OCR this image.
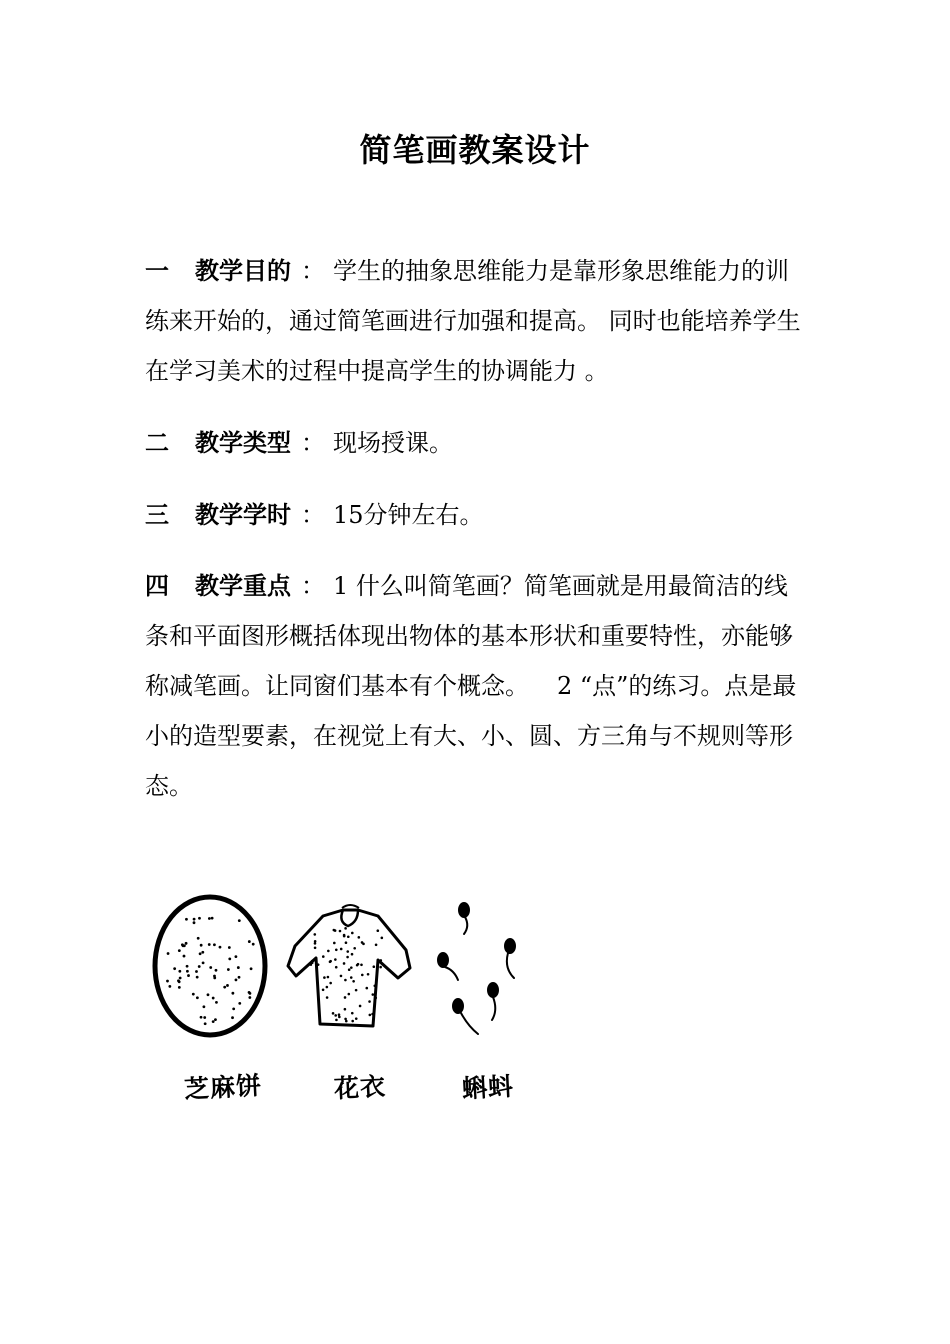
简笔画教案设计

一 教学目的 ： 学生的抽象思维能力是靠形象思维能力的训练来开始的，通过简笔画进行加强和提高。 同时也能培养学生在学习美术的过程中提高学生的协调能力 。

二 教学类型 ： 现场授课。

三 教学学时 ： 15分钟左右。

四 教学重点 ： 1 什么叫简笔画？简笔画就是用最简洁的线条和平面图形概括体现出物体的基本形状和重要特性，亦能够称减笔画。让同窗们基本有个概念。 2 “点”的练习。点是最小的造型要素，在视觉上有大、小、圆、方三角与不规则等形态。

芝麻饼	花衣	蝌蚪
